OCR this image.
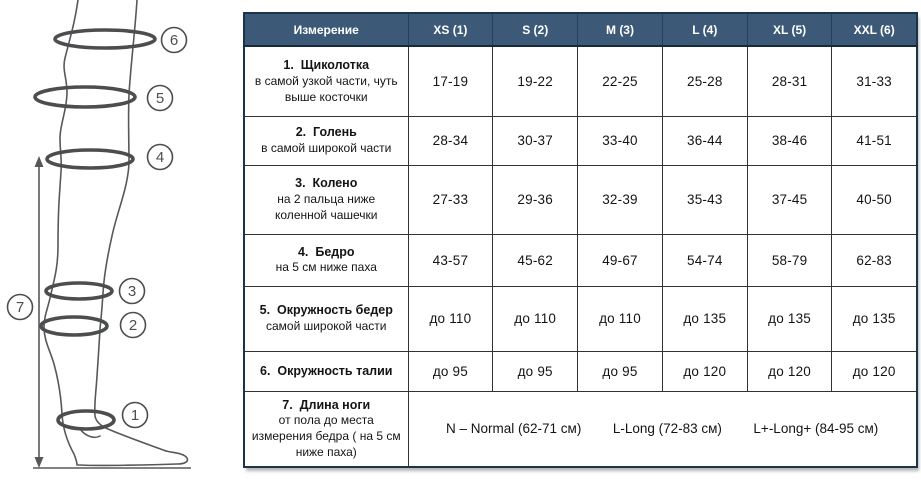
6
5
4
3
2
1
7
Измерение	XS (1)	S (2)	M (3)	L (4)	XL (5)	XXL (6)

1.  Щиколотка
в самой узкой части, чуть выше косточки	17-19	19-22	22-25	25-28	28-31	31-33

2.  Голень
в самой широкой части	28-34	30-37	33-40	36-44	38-46	41-51

3.  Колено
на 2 пальца ниже коленной чашечки	27-33	29-36	32-39	35-43	37-45	40-50

4.  Бедро
на 5 см ниже паха	43-57	45-62	49-67	54-74	58-79	62-83

5.  Окружность бедер
самой широкой части	до 110	до 110	до 110	до 135	до 135	до 135

6.  Окружность талии	до 95	до 95	до 95	до 120	до 120	до 120

7.  Длина ноги
от пола до места измерения бедра ( на 5 см ниже паха)

N – Normal (62-71 см) L-Long (72-83 см) L+-Long+ (84-95 см)
